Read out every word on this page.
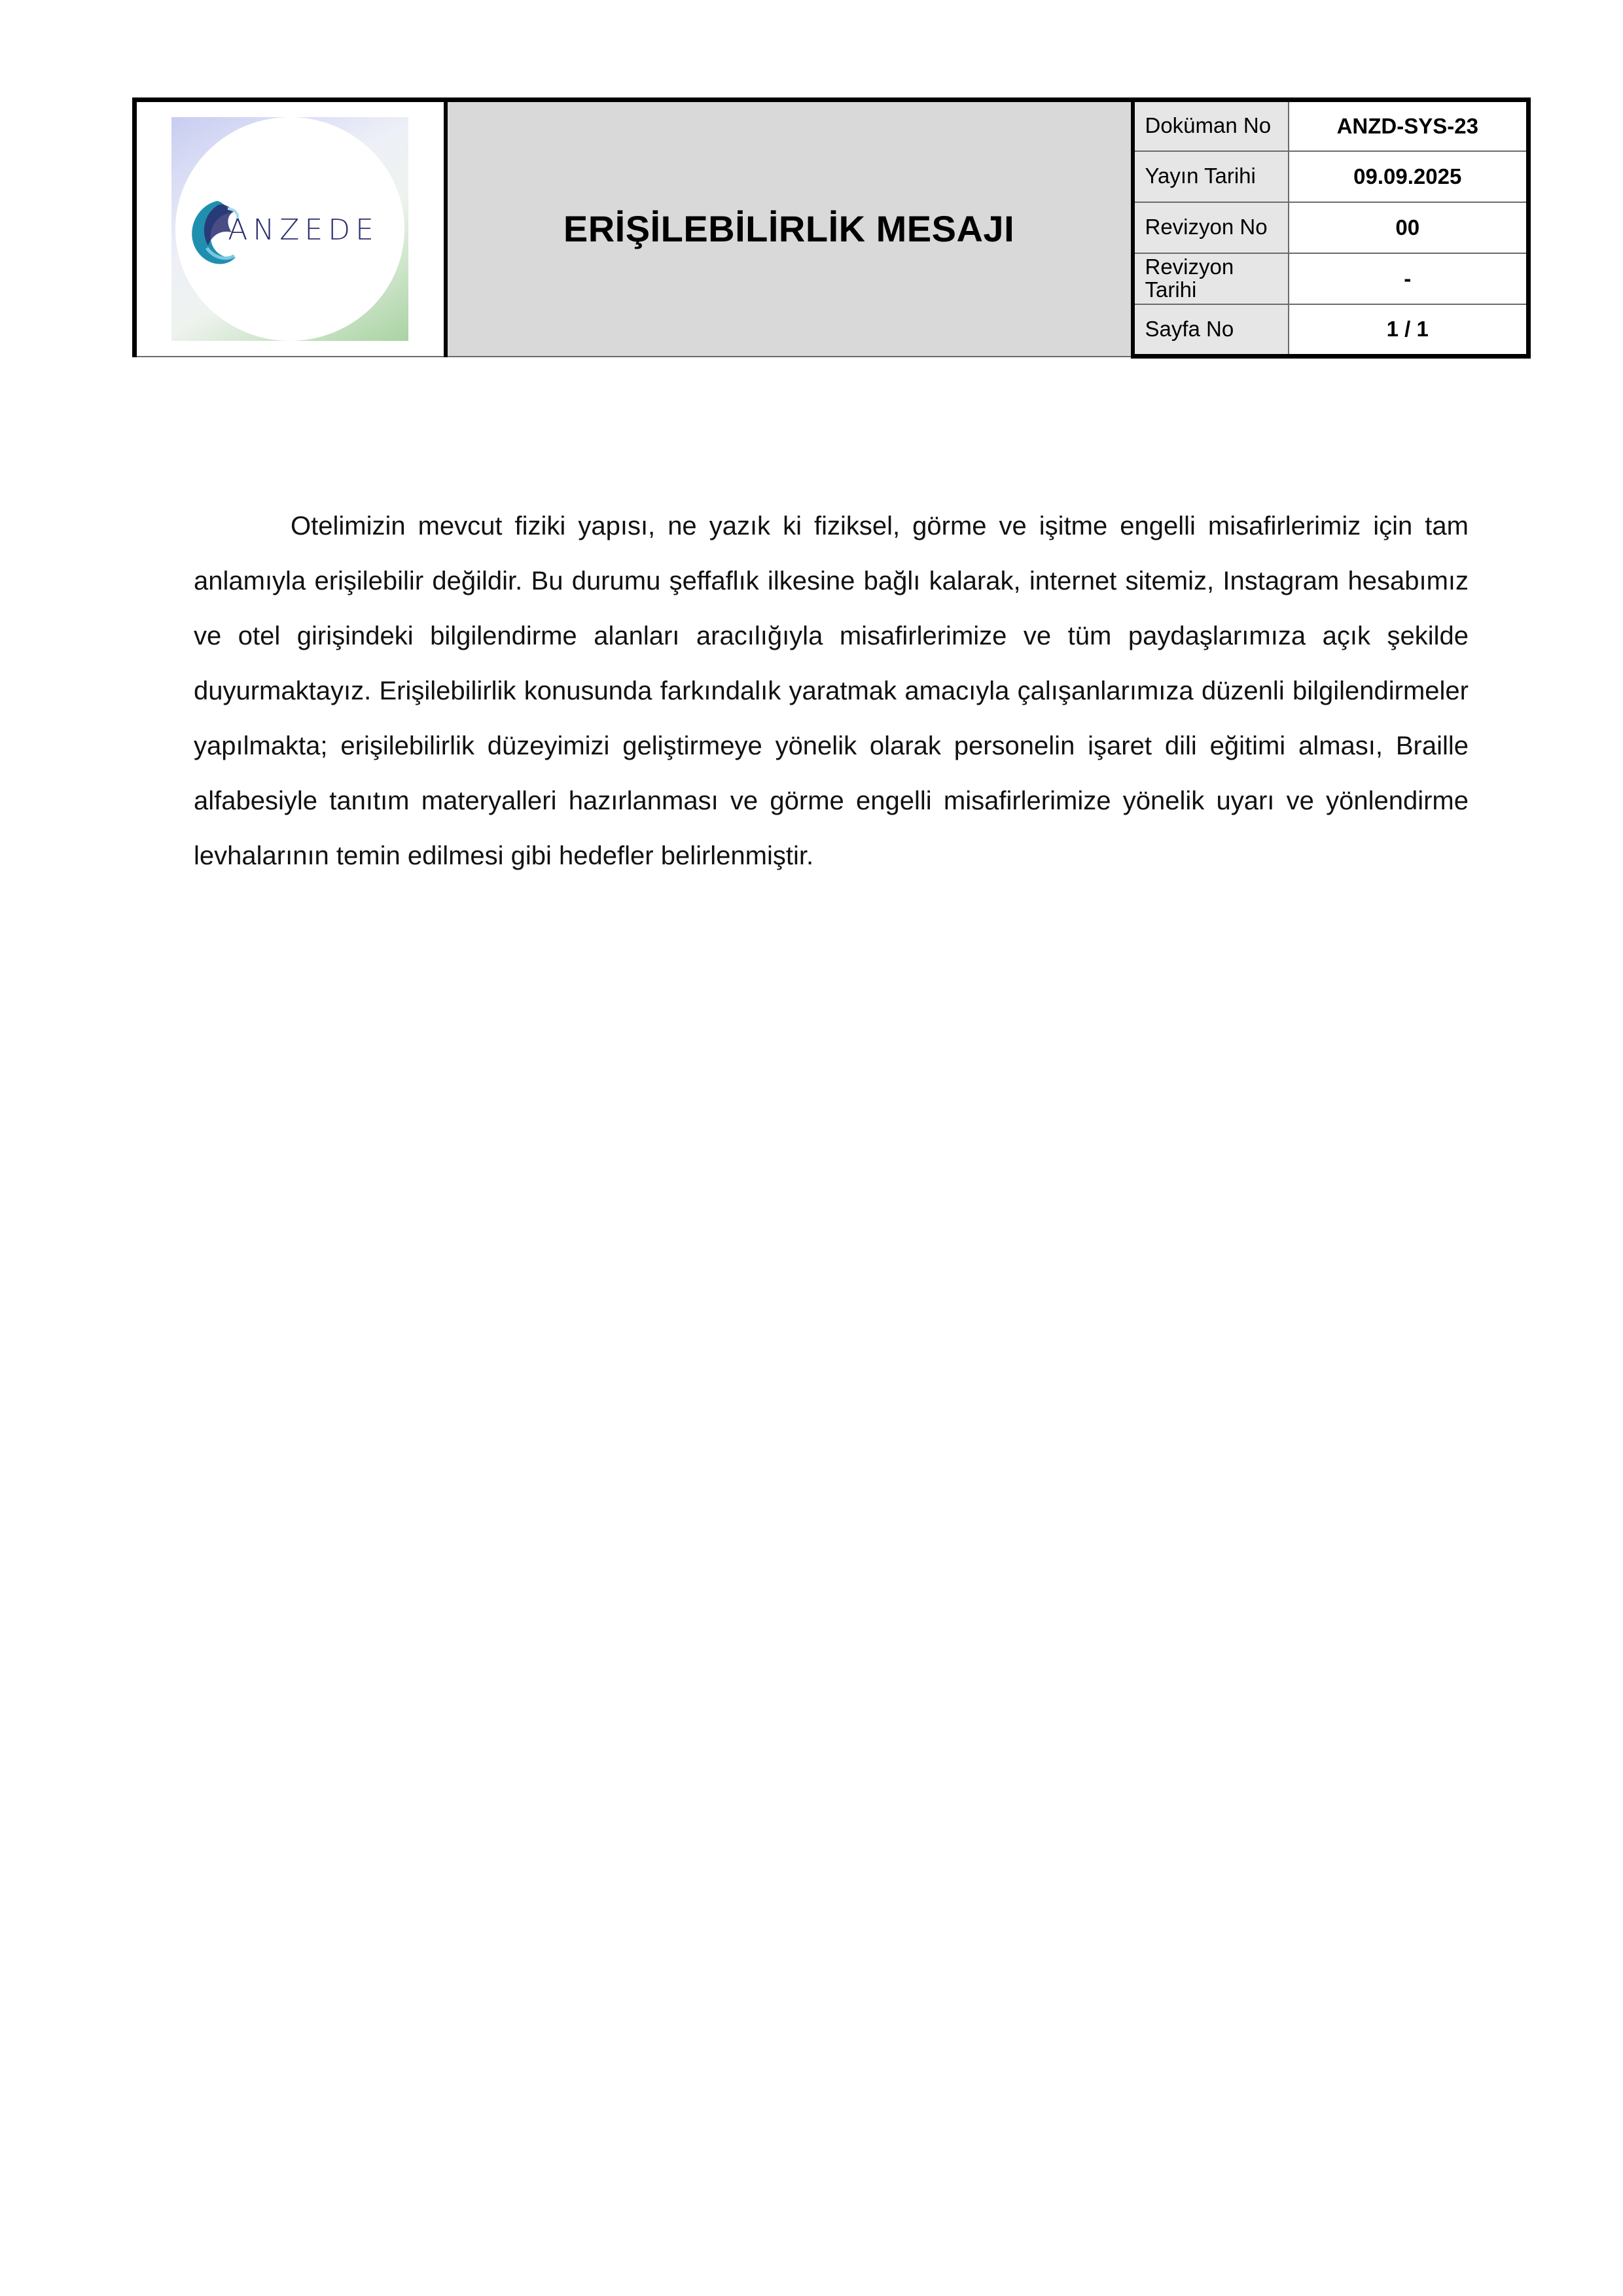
ANZEDE	ERİŞİLEBİLİRLİK MESAJI	Doküman No	ANZD-SYS-23
		Yayın Tarihi	09.09.2025
		Revizyon No	00

		Revizyon Tarihi	-
		Sayfa No	1 / 1

Otelimizin mevcut fiziki yapısı, ne yazık ki fiziksel, görme ve işitme engelli misafirlerimiz için tam anlamıyla erişilebilir değildir. Bu durumu şeffaflık ilkesine bağlı kalarak, internet sitemiz, Instagram hesabımız ve otel girişindeki bilgilendirme alanları aracılığıyla misafirlerimize ve tüm paydaşlarımıza açık şekilde duyurmaktayız. Erişilebilirlik konusunda farkındalık yaratmak amacıyla çalışanlarımıza düzenli bilgilendirmeler yapılmakta; erişilebilirlik düzeyimizi geliştirmeye yönelik olarak personelin işaret dili eğitimi alması, Braille alfabesiyle tanıtım materyalleri hazırlanması ve görme engelli misafirlerimize yönelik uyarı ve yönlendirme levhalarının temin edilmesi gibi hedefler belirlenmiştir.
